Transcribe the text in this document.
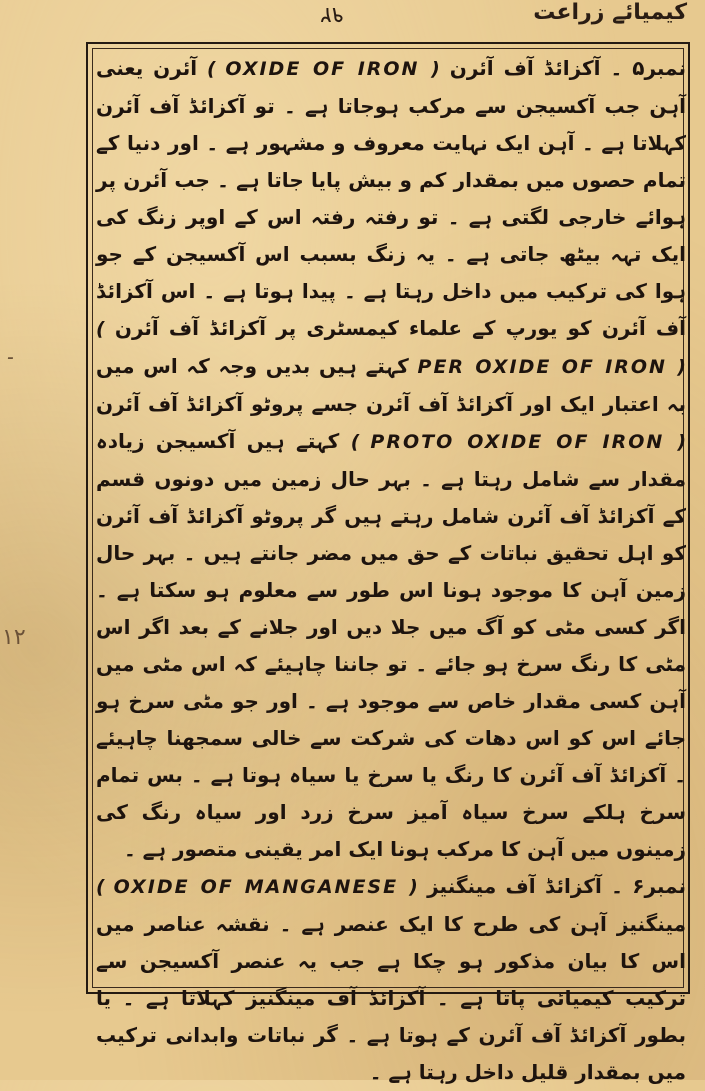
۹۲	کیمیائے زراعت
۔
۱۲

نمبر۵ ۔ آکزائڈ آف آئرن ( OXIDE OF IRON ) آئرن یعنی آہن جب آکسیجن سے مرکب ہوجاتا ہے ۔ تو آکزائڈ آف آئرن کہلاتا ہے ۔ آہن ایک نہایت معروف و مشہور ہے ۔ اور دنیا کے تمام حصوں میں بمقدار کم و بیش پایا جاتا ہے ۔ جب آئرن پر ہوائے خارجی لگتی ہے ۔ تو رفتہ رفتہ اس کے اوپر زنگ کی ایک تہہ بیٹھ جاتی ہے ۔ یہ زنگ بسبب اس آکسیجن کے جو ہوا کی ترکیب میں داخل رہتا ہے ۔ پیدا ہوتا ہے ۔ اس آکزائڈ آف آئرن کو یورپ کے علماء کیمسٹری پر آکزائڈ آف آئرن ( PER OXIDE OF IRON ) کہتے ہیں بدیں وجہ کہ اس میں بہ اعتبار ایک اور آکزائڈ آف آئرن جسے پروٹو آکزائڈ آف آئرن ( PROTO OXIDE OF IRON ) کہتے ہیں آکسیجن زیادہ مقدار سے شامل رہتا ہے ۔ بہر حال زمین میں دونوں قسم کے آکزائڈ آف آئرن شامل رہتے ہیں گر پروٹو آکزائڈ آف آئرن کو اہل تحقیق نباتات کے حق میں مضر جانتے ہیں ۔ بہر حال زمین آہن کا موجود ہونا اس طور سے معلوم ہو سکتا ہے ۔ اگر کسی مٹی کو آگ میں جلا دیں اور جلانے کے بعد اگر اس مٹی کا رنگ سرخ ہو جائے ۔ تو جاننا چاہیئے کہ اس مٹی میں آہن کسی مقدار خاص سے موجود ہے ۔ اور جو مٹی سرخ ہو جائے اس کو اس دھات کی شرکت سے خالی سمجھنا چاہیئے ۔ آکزائڈ آف آئرن کا رنگ یا سرخ یا سیاہ ہوتا ہے ۔ بس تمام سرخ ہلکے سرخ سیاہ آمیز سرخ زرد اور سیاہ رنگ کی زمینوں میں آہن کا مرکب ہونا ایک امر یقینی متصور ہے ۔

نمبر۶ ۔ آکزائڈ آف مینگنیز ( OXIDE OF MANGANESE ) مینگنیز آہن کی طرح کا ایک عنصر ہے ۔ نقشہ عناصر میں اس کا بیان مذکور ہو چکا ہے جب یہ عنصر آکسیجن سے ترکیب کیمیائی پاتا ہے ۔ آکزائڈ آف مینگنیز کہلاتا ہے ۔ یا بطور آکزائڈ آف آئرن کے ہوتا ہے ۔ گر نباتات وابدانی ترکیب میں بمقدار قلیل داخل رہتا ہے ۔
